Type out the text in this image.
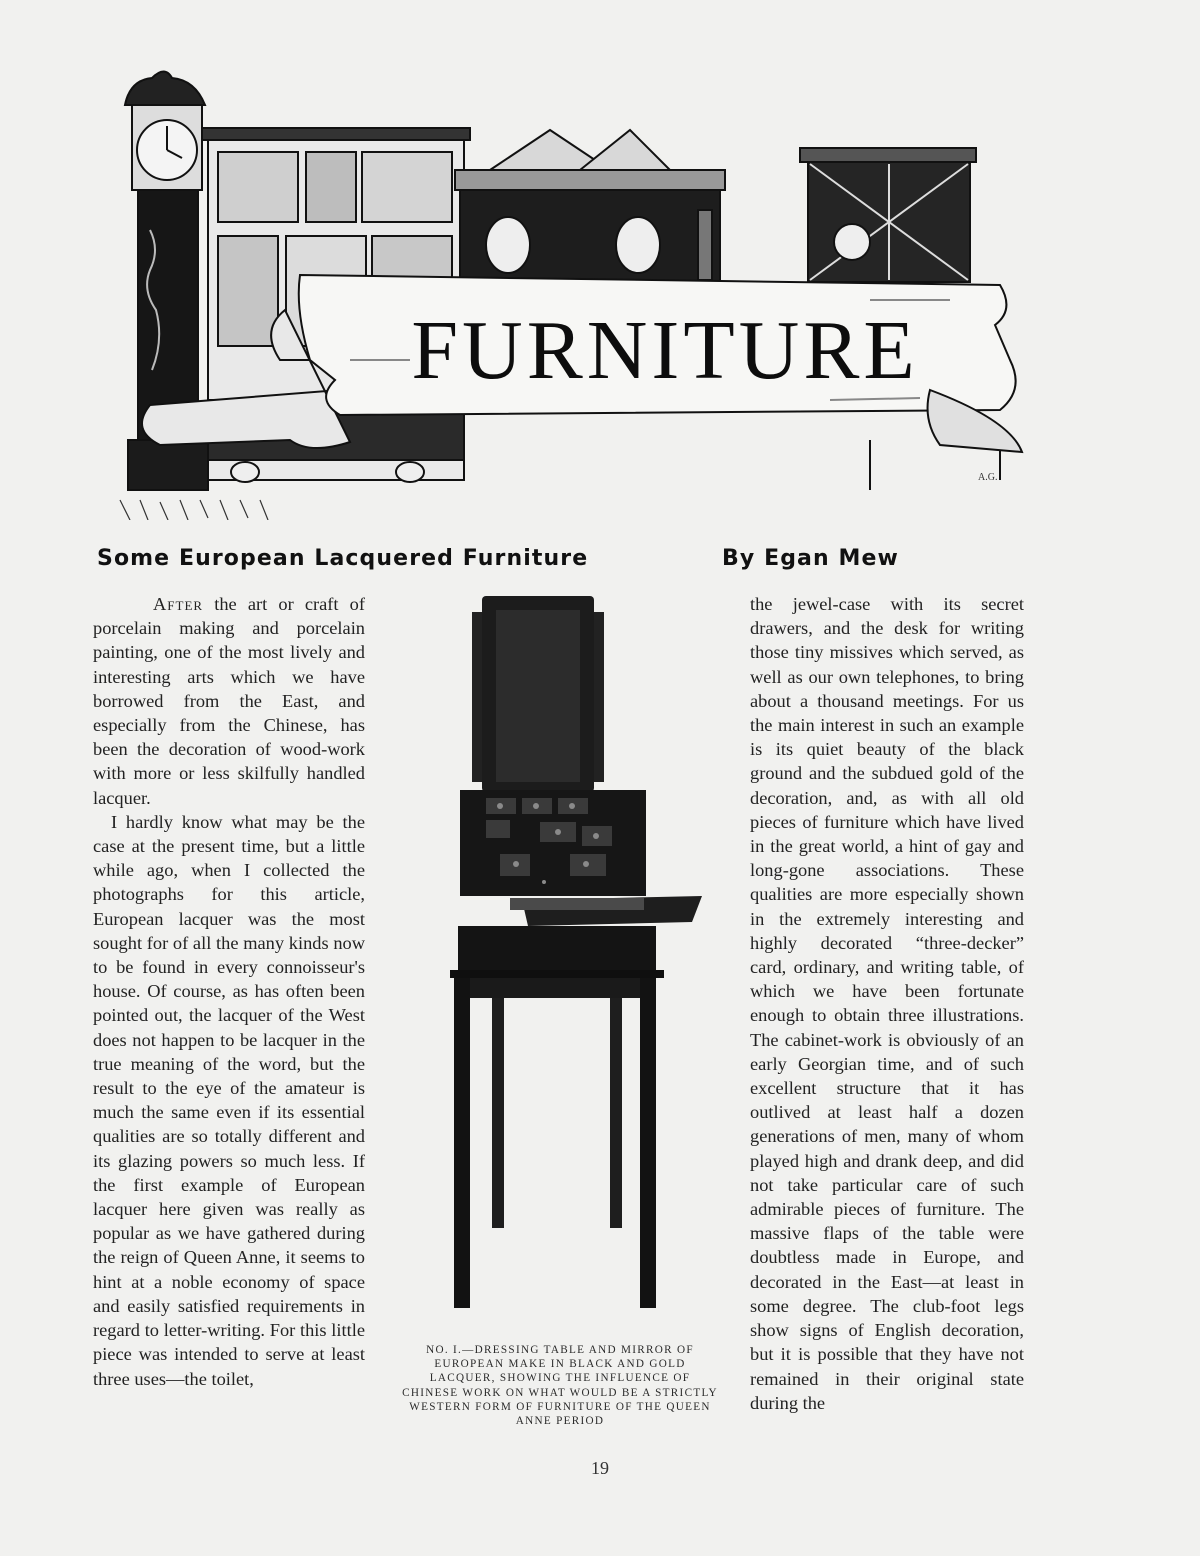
FURNITURE
A.G.
Some European Lacquered Furniture	By Egan Mew

After the art or craft of porcelain making and porcelain painting, one of the most lively and interesting arts which we have borrowed from the East, and especially from the Chinese, has been the decoration of wood-work with more or less skilfully handled lacquer.

I hardly know what may be the case at the present time, but a little while ago, when I collected the photographs for this article, European lacquer was the most sought for of all the many kinds now to be found in every connoisseur's house. Of course, as has often been pointed out, the lacquer of the West does not happen to be lacquer in the true meaning of the word, but the result to the eye of the amateur is much the same even if its essential qualities are so totally different and its glazing powers so much less. If the first example of European lacquer here given was really as popular as we have gathered during the reign of Queen Anne, it seems to hint at a noble economy of space and easily satisfied requirements in regard to letter-writing. For this little piece was intended to serve at least three uses—the toilet,

NO. I.—DRESSING TABLE AND MIRROR OF EUROPEAN MAKE IN BLACK AND GOLD LACQUER, SHOWING THE INFLUENCE OF CHINESE WORK ON WHAT WOULD BE A STRICTLY WESTERN FORM OF FURNITURE OF THE QUEEN ANNE PERIOD

the jewel-case with its secret drawers, and the desk for writing those tiny missives which served, as well as our own telephones, to bring about a thousand meetings. For us the main interest in such an example is its quiet beauty of the black ground and the subdued gold of the decoration, and, as with all old pieces of furniture which have lived in the great world, a hint of gay and long-gone associations. These qualities are more especially shown in the extremely interesting and highly decorated “three-decker” card, ordinary, and writing table, of which we have been fortunate enough to obtain three illustrations. The cabinet-work is obviously of an early Georgian time, and of such excellent structure that it has outlived at least half a dozen generations of men, many of whom played high and drank deep, and did not take particular care of such admirable pieces of furniture. The massive flaps of the table were doubtless made in Europe, and decorated in the East—at least in some degree. The club-foot legs show signs of English decoration, but it is possible that they have not remained in their original state during the

19
